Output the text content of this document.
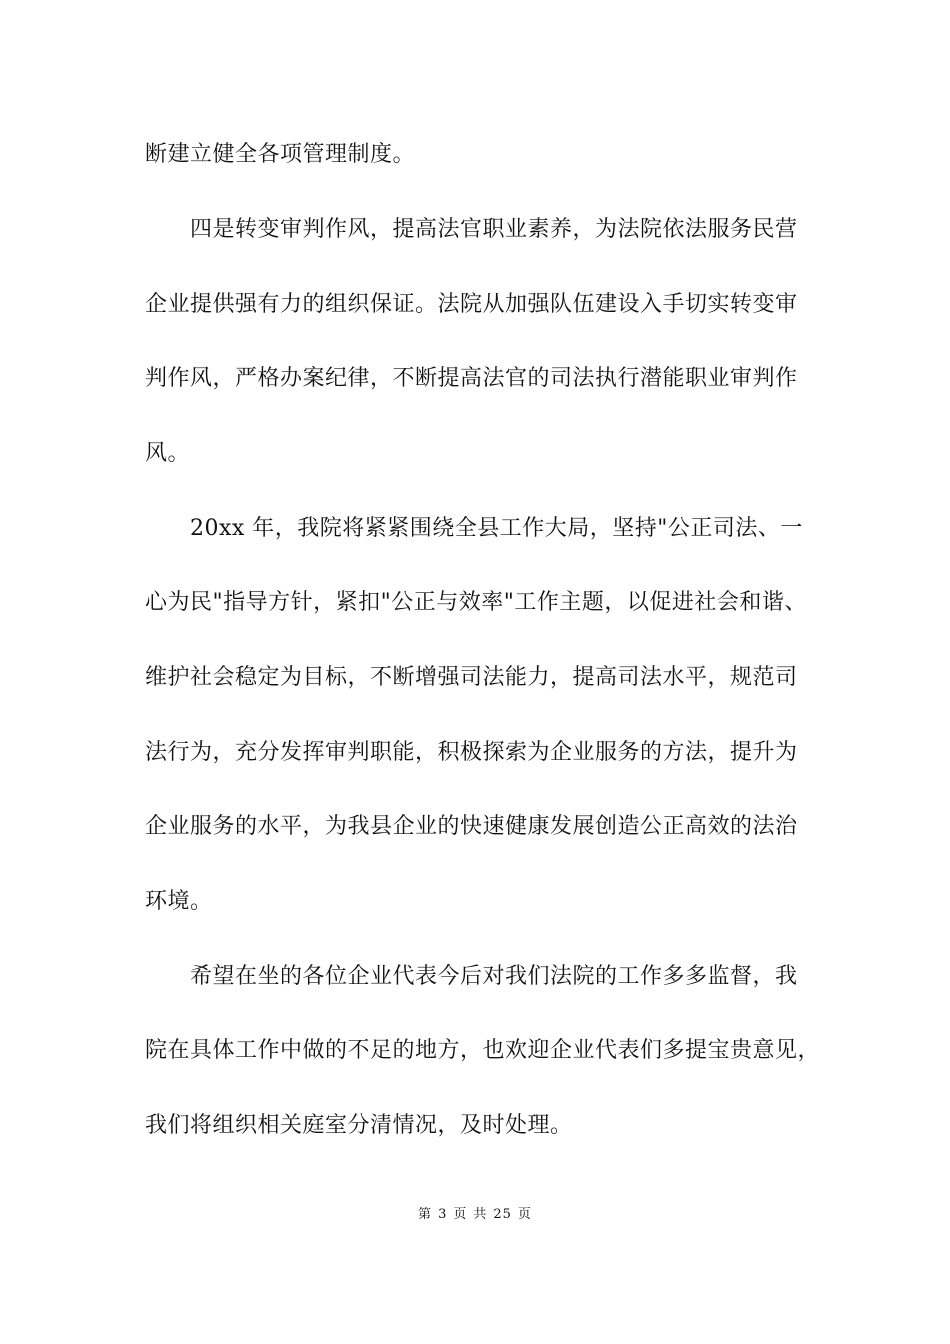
断建立健全各项管理制度。
四是转变审判作风，提高法官职业素养，为法院依法服务民营
企业提供强有力的组织保证。法院从加强队伍建设入手切实转变审
判作风，严格办案纪律，不断提高法官的司法执行潜能职业审判作
风。
20xx 年，我院将紧紧围绕全县工作大局，坚持"公正司法、一
心为民"指导方针，紧扣"公正与效率"工作主题，以促进社会和谐、
维护社会稳定为目标，不断增强司法能力，提高司法水平，规范司
法行为，充分发挥审判职能，积极探索为企业服务的方法，提升为
企业服务的水平，为我县企业的快速健康发展创造公正高效的法治
环境。
希望在坐的各位企业代表今后对我们法院的工作多多监督，我
院在具体工作中做的不足的地方，也欢迎企业代表们多提宝贵意见，
我们将组织相关庭室分清情况，及时处理。
第 3 页 共 25 页
